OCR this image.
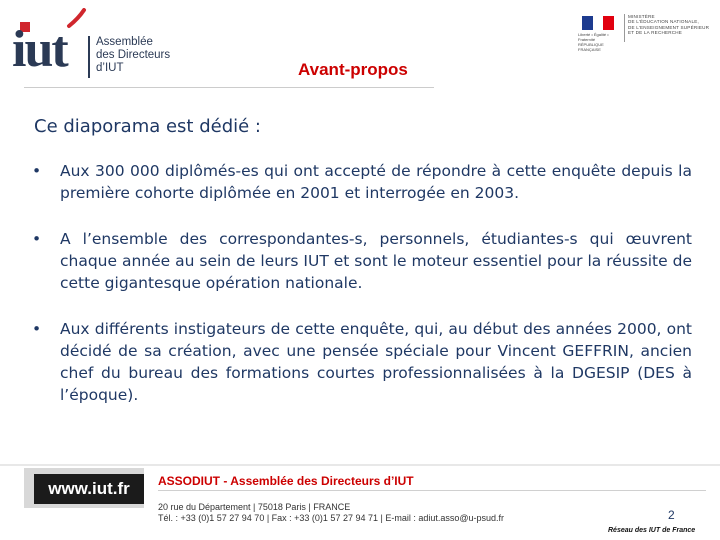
iut	Assemblée
des Directeurs
d’IUT
Liberté • Égalité • Fraternité
RÉPUBLIQUE FRANÇAISE
MINISTÈRE
DE L’ÉDUCATION NATIONALE,
DE L’ENSEIGNEMENT SUPÉRIEUR
ET DE LA RECHERCHE
Avant-propos
Ce diaporama est dédié :
• Aux 300 000 diplômés-es qui ont accepté de répondre à cette enquête depuis la première cohorte diplômée en 2001 et interrogée en 2003.
• A l’ensemble des correspondantes-s, personnels, étudiantes-s qui œuvrent chaque année au sein de leurs IUT et sont le moteur essentiel pour la réussite de cette gigantesque opération nationale.
• Aux différents instigateurs de cette enquête, qui, au début des années 2000, ont décidé de sa création, avec une pensée spéciale pour Vincent GEFFRIN, ancien chef du bureau des formations courtes professionnalisées à la DGESIP (DES à l’époque).
www.iut.fr	ASSODIUT - Assemblée des Directeurs d’IUT
20 rue du Département | 75018 Paris | FRANCE
Tél. : +33 (0)1 57 27 94 70 | Fax : +33 (0)1 57 27 94 71 | E-mail : adiut.asso@u-psud.fr	2
Réseau des IUT de France
